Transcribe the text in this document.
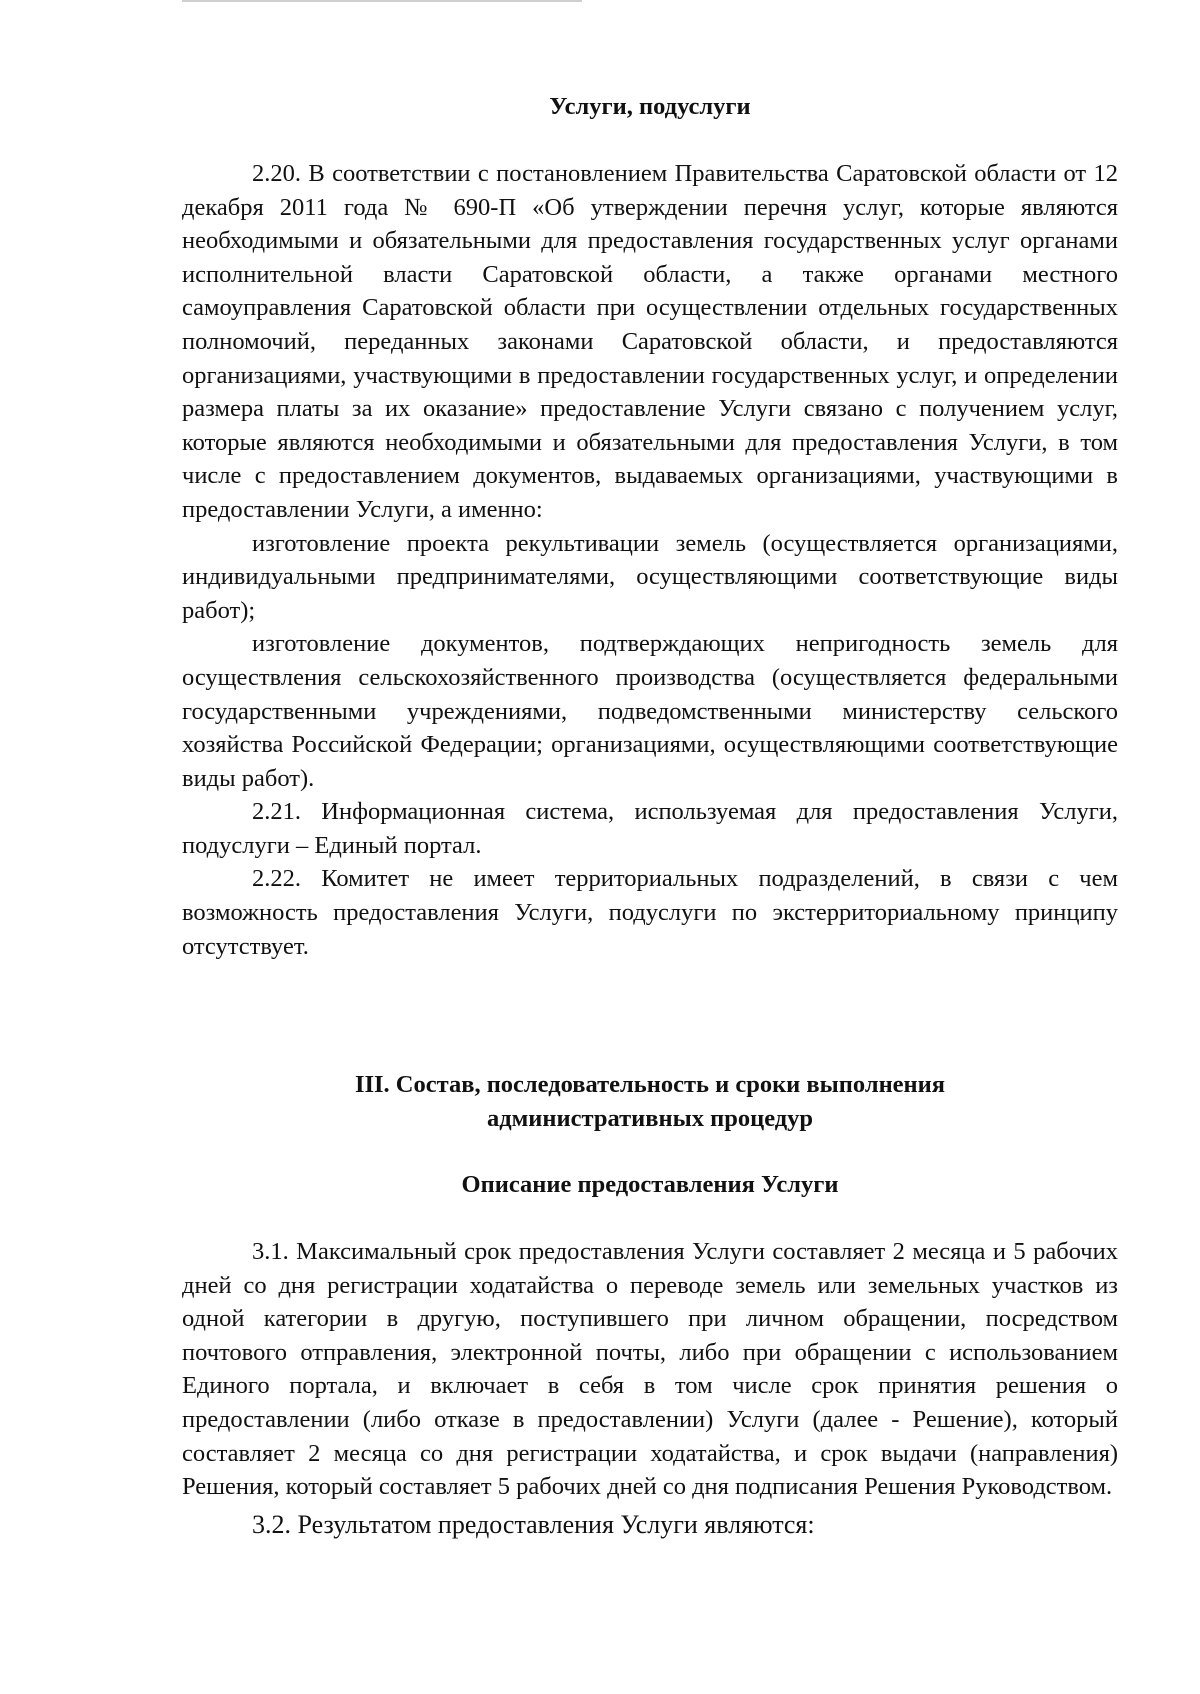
Услуги, подуслуги

2.20. В соответствии с постановлением Правительства Саратовской области от 12 декабря 2011 года № 690-П «Об утверждении перечня услуг, которые являются необходимыми и обязательными для предоставления государственных услуг органами исполнительной власти Саратовской области, а также органами местного самоуправления Саратовской области при осуществлении отдельных государственных полномочий, переданных законами Саратовской области, и предоставляются организациями, участвующими в предоставлении государственных услуг, и определении размера платы за их оказание» предоставление Услуги связано с получением услуг, которые являются необходимыми и обязательными для предоставления Услуги, в том числе с предоставлением документов, выдаваемых организациями, участвующими в предоставлении Услуги, а именно:

изготовление проекта рекультивации земель (осуществляется организациями, индивидуальными предпринимателями, осуществляющими соответствующие виды работ);

изготовление документов, подтверждающих непригодность земель для осуществления сельскохозяйственного производства (осуществляется федеральными государственными учреждениями, подведомственными министерству сельского хозяйства Российской Федерации; организациями, осуществляющими соответствующие виды работ).

2.21. Информационная система, используемая для предоставления Услуги, подуслуги – Единый портал.

2.22. Комитет не имеет территориальных подразделений, в связи с чем возможность предоставления Услуги, подуслуги по экстерриториальному принципу отсутствует.

III. Состав, последовательность и сроки выполнения
административных процедур
Описание предоставления Услуги

3.1. Максимальный срок предоставления Услуги составляет 2 месяца и 5 рабочих дней со дня регистрации ходатайства о переводе земель или земельных участков из одной категории в другую, поступившего при личном обращении, посредством почтового отправления, электронной почты, либо при обращении с использованием Единого портала, и включает в себя в том числе срок принятия решения о предоставлении (либо отказе в предоставлении) Услуги (далее - Решение), который составляет 2 месяца со дня регистрации ходатайства, и срок выдачи (направления) Решения, который составляет 5 рабочих дней со дня подписания Решения Руководством.

3.2. Результатом предоставления Услуги являются:
